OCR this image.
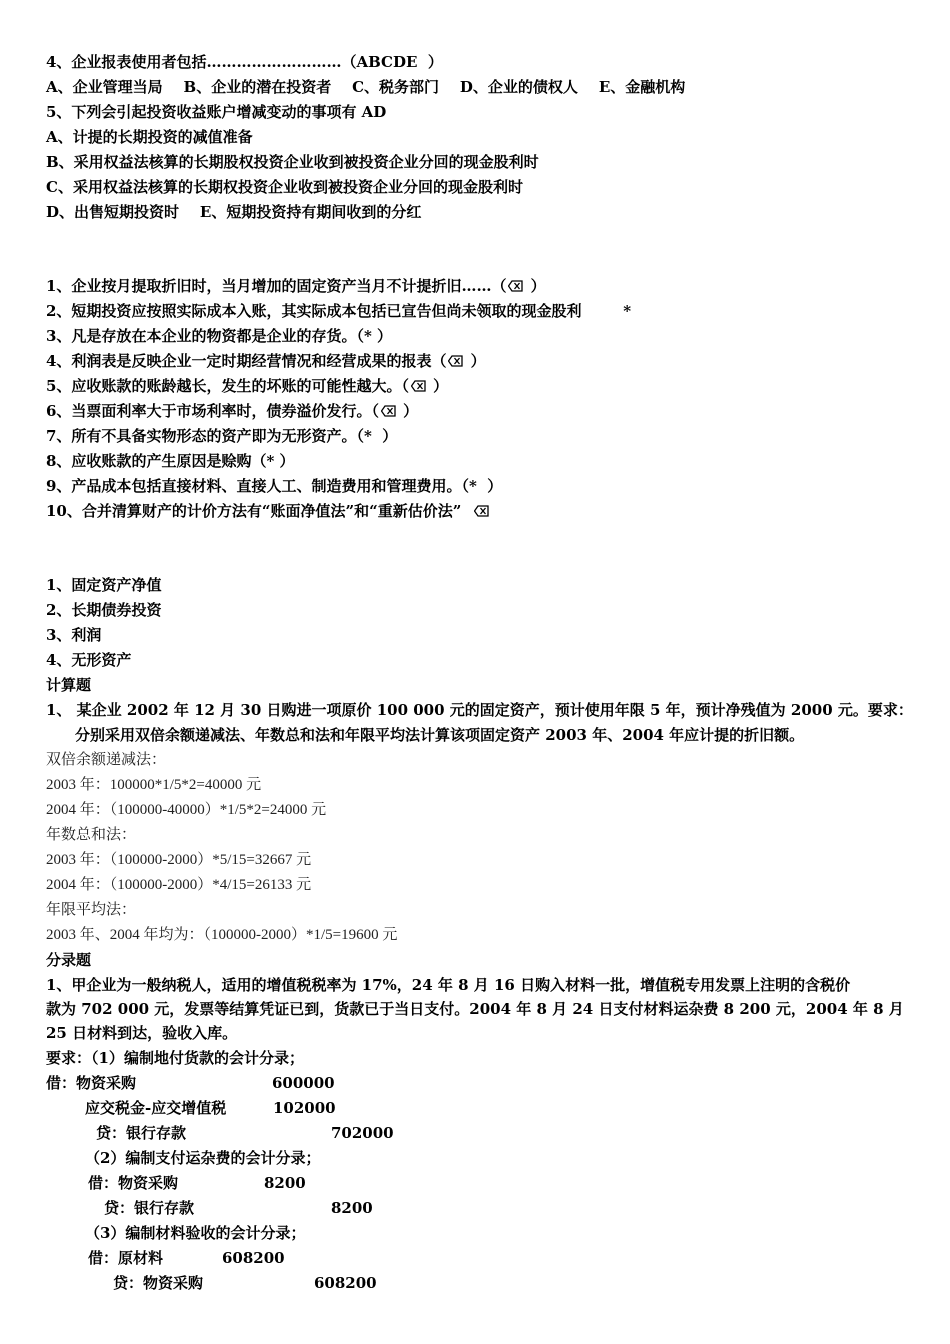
4、企业报表使用者包括………………………（ABCDE  ）
A、企业管理当局    B、企业的潜在投资者    C、税务部门    D、企业的债权人    E、金融机构
5、下列会引起投资收益账户增减变动的事项有 AD
A、计提的长期投资的减值准备
B、采用权益法核算的长期股权投资企业收到被投资企业分回的现金股利时
C、采用权益法核算的长期权投资企业收到被投资企业分回的现金股利时
D、出售短期投资时    E、短期投资持有期间收到的分红
1、企业按月提取折旧时，当月增加的固定资产当月不计提折旧……（
）
2、短期投资应按照实际成本入账，其实际成本包括已宣告但尚未领取的现金股利        *
3、凡是存放在本企业的物资都是企业的存货。（* ）
4、利润表是反映企业一定时期经营情况和经营成果的报表（
）
5、应收账款的账龄越长，发生的坏账的可能性越大。（
）
6、当票面利率大于市场利率时，债券溢价发行。（
）
7、所有不具备实物形态的资产即为无形资产。（*  ）
8、应收账款的产生原因是赊购（* ）
9、产品成本包括直接材料、直接人工、制造费用和管理费用。（*  ）
10、合并清算财产的计价方法有“账面净值法”和“重新估价法”
1、固定资产净值
2、长期债券投资
3、利润
4、无形资产
计算题
1、 某企业 2002 年 12 月 30 日购进一项原价 100 000 元的固定资产，预计使用年限 5 年，预计净残值为 2000 元。要求：
分别采用双倍余额递减法、年数总和法和年限平均法计算该项固定资产 2003 年、2004 年应计提的折旧额。
双倍余额递减法：
2003 年：100000*1/5*2=40000 元
2004 年：（100000-40000）*1/5*2=24000 元
年数总和法：
2003 年：（100000-2000）*5/15=32667 元
2004 年：（100000-2000）*4/15=26133 元
年限平均法：
2003 年、2004 年均为：（100000-2000）*1/5=19600 元
分录题
1、甲企业为一般纳税人，适用的增值税税率为 17%，24 年 8 月 16 日购入材料一批，增值税专用发票上注明的含税价
款为 702 000 元，发票等结算凭证已到，货款已于当日支付。2004 年 8 月 24 日支付材料运杂费 8 200 元，2004 年 8 月
25 日材料到达，验收入库。
要求：（1）编制地付货款的会计分录；
借：物资采购	600000
应交税金-应交增值税	102000
贷：银行存款	702000
（2）编制支付运杂费的会计分录；
借：物资采购	8200
贷：银行存款	8200
（3）编制材料验收的会计分录；
借：原材料	608200
贷：物资采购	608200
